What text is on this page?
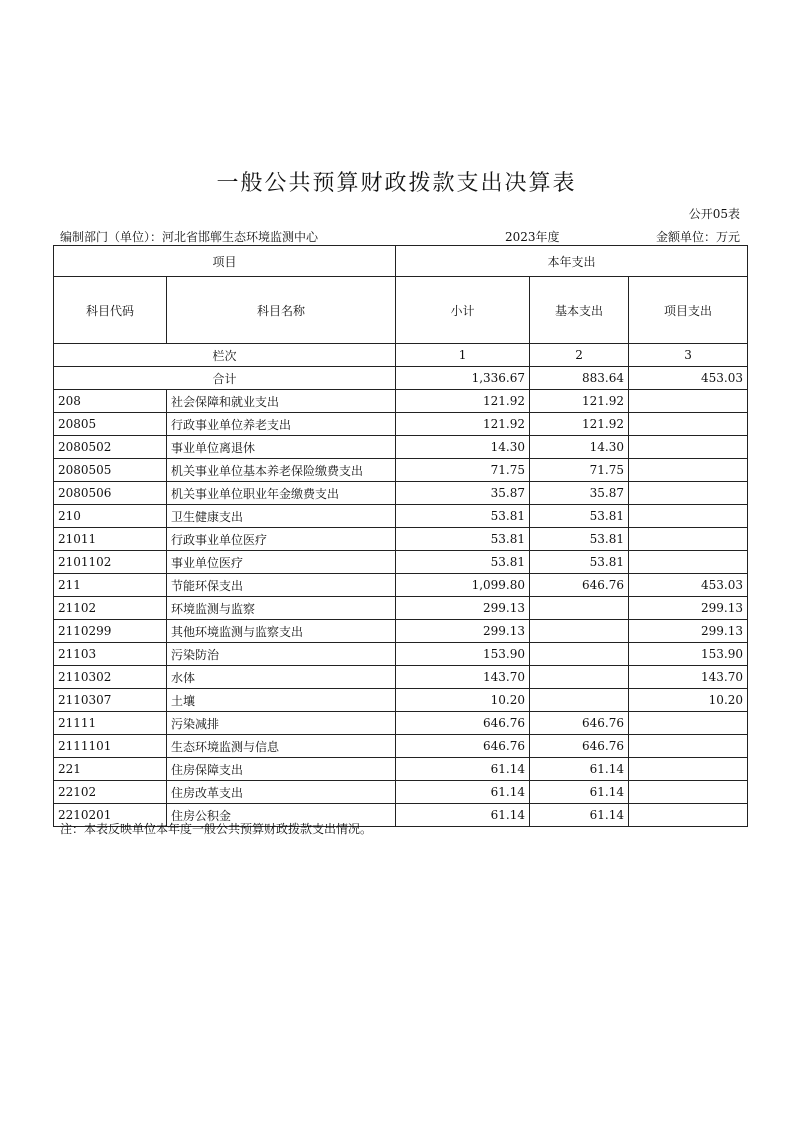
一般公共预算财政拨款支出决算表
公开05表
编制部门（单位）：河北省邯郸生态环境监测中心	2023年度	金额单位：万元
项目		本年支出		
科目代码	科目名称	小计	基本支出	项目支出
栏次		1	2	3
合计		1,336.67	883.64	453.03
208	社会保障和就业支出	121.92	121.92	
20805	行政事业单位养老支出	121.92	121.92	
2080502	事业单位离退休	14.30	14.30	
2080505	机关事业单位基本养老保险缴费支出	71.75	71.75	
2080506	机关事业单位职业年金缴费支出	35.87	35.87	
210	卫生健康支出	53.81	53.81	
21011	行政事业单位医疗	53.81	53.81	
2101102	事业单位医疗	53.81	53.81	
211	节能环保支出	1,099.80	646.76	453.03
21102	环境监测与监察	299.13		299.13
2110299	其他环境监测与监察支出	299.13		299.13
21103	污染防治	153.90		153.90
2110302	水体	143.70		143.70
2110307	土壤	10.20		10.20
21111	污染减排	646.76	646.76	
2111101	生态环境监测与信息	646.76	646.76	
221	住房保障支出	61.14	61.14	
22102	住房改革支出	61.14	61.14	
2210201	住房公积金	61.14	61.14	
注：本表反映单位本年度一般公共预算财政拨款支出情况。
